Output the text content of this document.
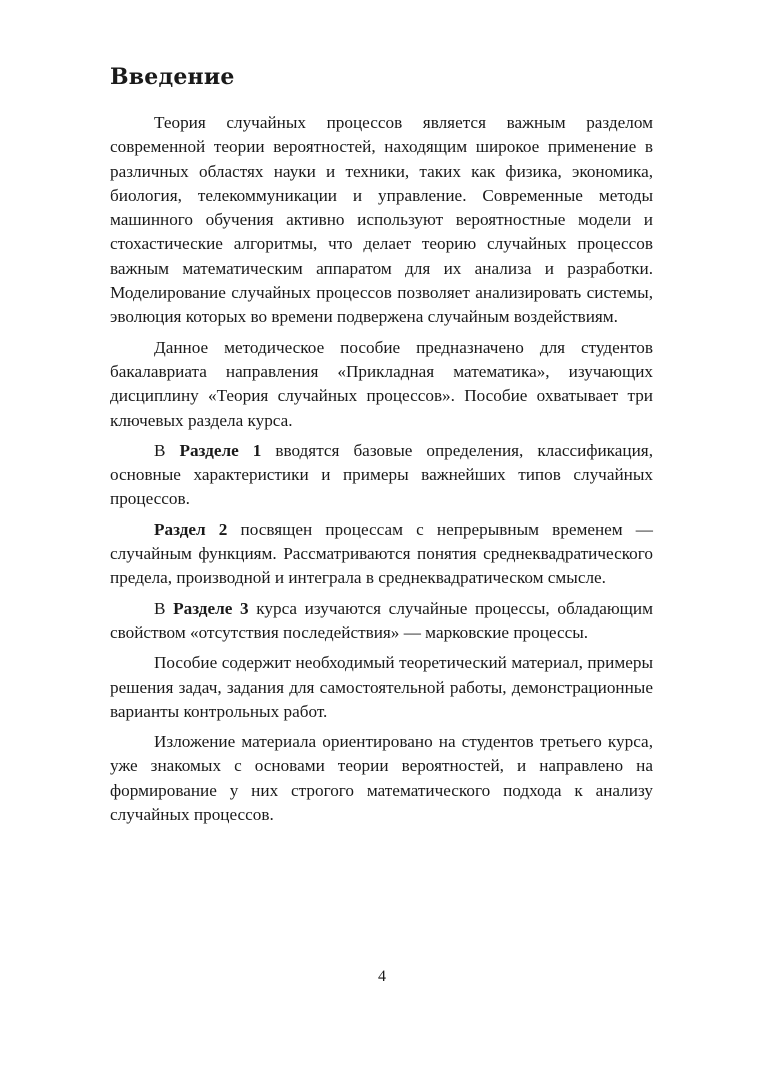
Введение

Теория случайных процессов является важным разделом современной теории вероятностей, находящим широкое применение в различных областях науки и техники, таких как физика, экономика, биология, телекоммуникации и управление. Современные методы машинного обучения активно используют вероятностные модели и стохастические алгоритмы, что делает теорию случайных процессов важным математическим аппаратом для их анализа и разработки. Моделирование случайных процессов позволяет анализировать системы, эволюция которых во времени подвержена случайным воздействиям.

Данное методическое пособие предназначено для студентов бакалавриата направления «Прикладная математика», изучающих дисциплину «Теория случайных процессов». Пособие охватывает три ключевых раздела курса.

В Разделе 1 вводятся базовые определения, классификация, основные характеристики и примеры важнейших типов случайных процессов.

Раздел 2 посвящен процессам с непрерывным временем — случайным функциям. Рассматриваются понятия среднеквадратического предела, производной и интеграла в среднеквадратическом смысле.

В Разделе 3 курса изучаются случайные процессы, обладающим свойством «отсутствия последействия» — марковские процессы.

Пособие содержит необходимый теоретический материал, примеры решения задач, задания для самостоятельной работы, демонстрационные варианты контрольных работ.

Изложение материала ориентировано на студентов третьего курса, уже знакомых с основами теории вероятностей, и направлено на формирование у них строгого математического подхода к анализу случайных процессов.

4
